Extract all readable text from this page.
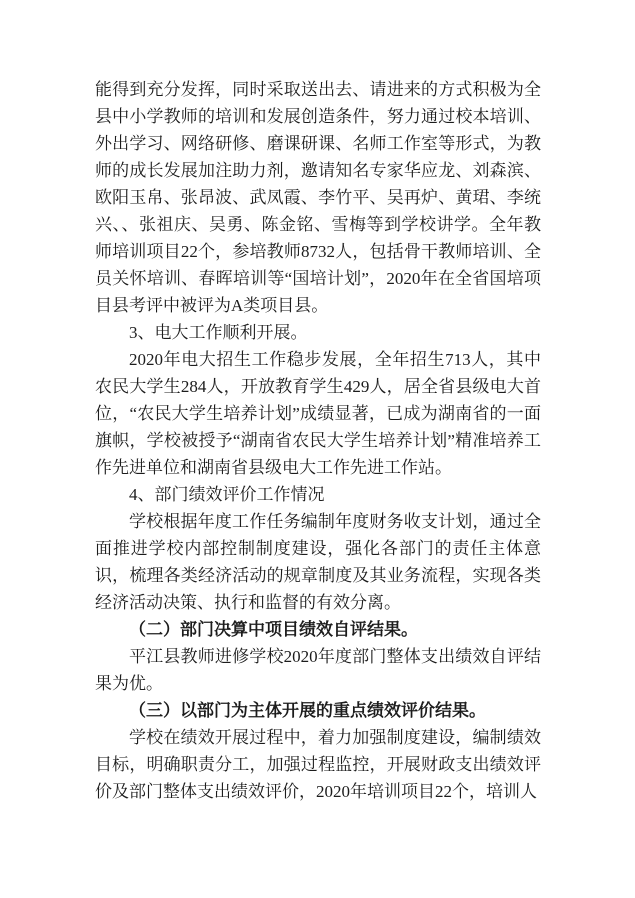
能得到充分发挥，同时采取送出去、请进来的方式积极为全县中小学教师的培训和发展创造条件，努力通过校本培训、外出学习、网络研修、磨课研课、名师工作室等形式，为教师的成长发展加注助力剂，邀请知名专家华应龙、刘森滨、欧阳玉帛、张昂波、武凤霞、李竹平、吴再炉、黄珺、李统兴、、张祖庆、吴勇、陈金铭、雪梅等到学校讲学。全年教师培训项目22个，参培教师8732人，包括骨干教师培训、全员关怀培训、春晖培训等“国培计划”，2020年在全省国培项目县考评中被评为A类项目县。

3、电大工作顺利开展。

2020年电大招生工作稳步发展，全年招生713人，其中农民大学生284人，开放教育学生429人，居全省县级电大首位，“农民大学生培养计划”成绩显著，已成为湖南省的一面旗帜，学校被授予“湖南省农民大学生培养计划”精准培养工作先进单位和湖南省县级电大工作先进工作站。

4、部门绩效评价工作情况

学校根据年度工作任务编制年度财务收支计划，通过全面推进学校内部控制制度建设，强化各部门的责任主体意识，梳理各类经济活动的规章制度及其业务流程，实现各类经济活动决策、执行和监督的有效分离。

（二）部门决算中项目绩效自评结果。

平江县教师进修学校2020年度部门整体支出绩效自评结果为优。

（三）以部门为主体开展的重点绩效评价结果。

学校在绩效开展过程中，着力加强制度建设，编制绩效目标，明确职责分工，加强过程监控，开展财政支出绩效评价及部门整体支出绩效评价，2020年培训项目22个，培训人
